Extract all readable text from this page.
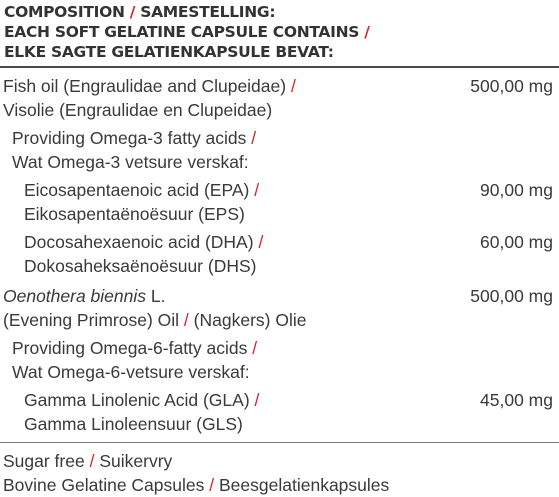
COMPOSITION / SAMESTELLING:
EACH SOFT GELATINE CAPSULE CONTAINS /
ELKE SAGTE GELATIENKAPSULE BEVAT:
Fish oil (Engraulidae and Clupeidae) /
Visolie (Engraulidae en Clupeidae)
500,00 mg
Providing Omega-3 fatty acids /
Wat Omega-3 vetsure verskaf:
Eicosapentaenoic acid (EPA) /
Eikosapentaënoësuur (EPS)
90,00 mg
Docosahexaenoic acid (DHA) /
Dokosaheksaënoësuur (DHS)
60,00 mg
Oenothera biennis L.
(Evening Primrose) Oil / (Nagkers) Olie
500,00 mg
Providing Omega-6-fatty acids /
Wat Omega-6-vetsure verskaf:
Gamma Linolenic Acid (GLA) /
Gamma Linoleensuur (GLS)
45,00 mg
Sugar free / Suikervry
Bovine Gelatine Capsules / Beesgelatienkapsules
